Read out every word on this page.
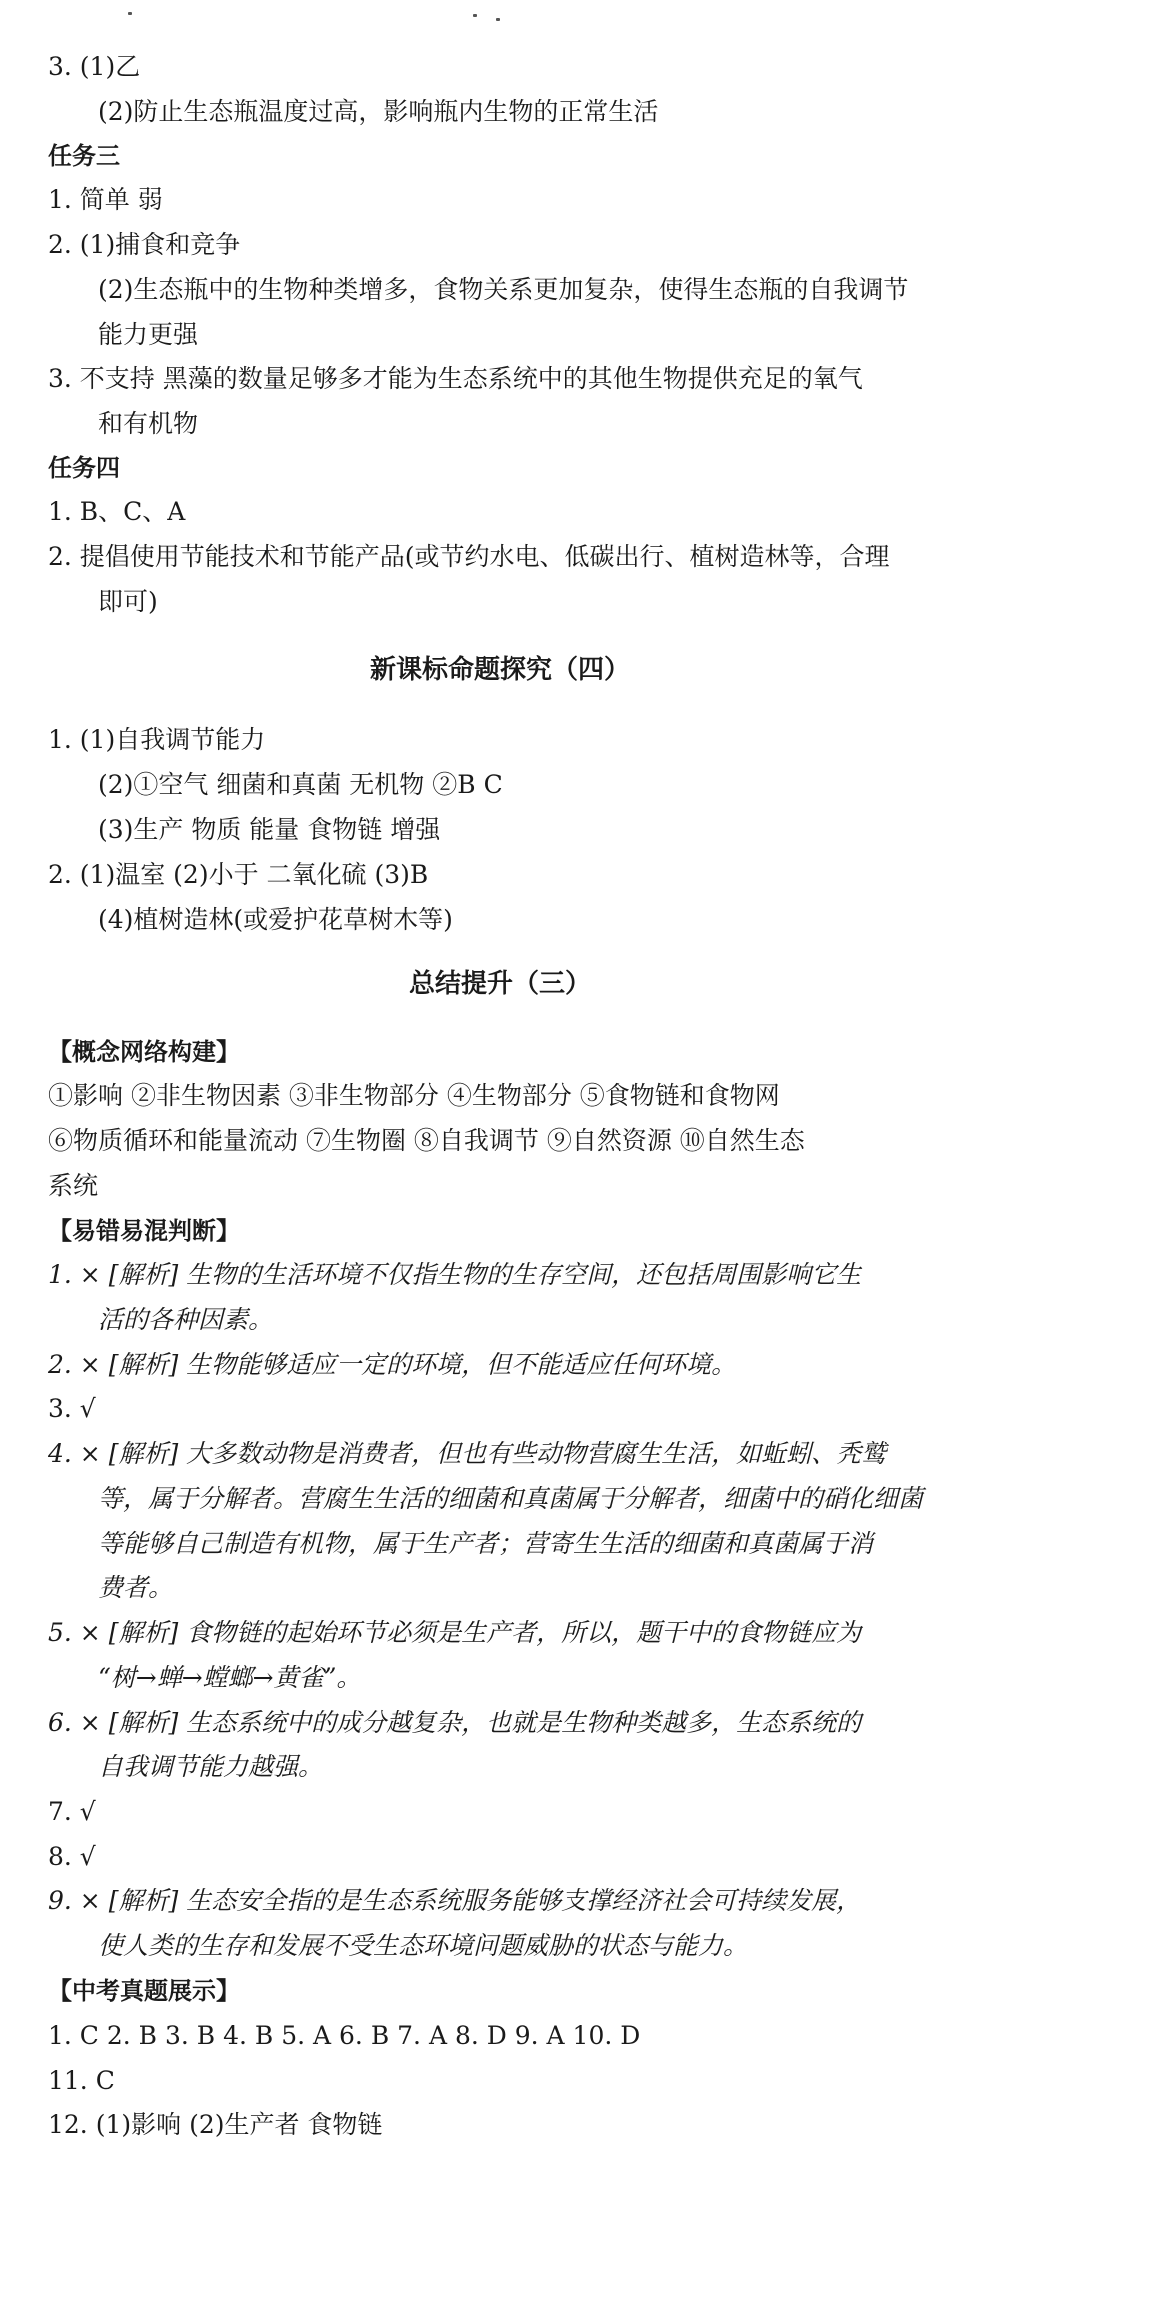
3. (1)乙
(2)防止生态瓶温度过高，影响瓶内生物的正常生活
任务三
1. 简单 弱
2. (1)捕食和竞争
(2)生态瓶中的生物种类增多，食物关系更加复杂，使得生态瓶的自我调节
能力更强
3. 不支持 黑藻的数量足够多才能为生态系统中的其他生物提供充足的氧气
和有机物
任务四
1. B、C、A
2. 提倡使用节能技术和节能产品(或节约水电、低碳出行、植树造林等，合理
即可)
新课标命题探究（四）
1. (1)自我调节能力
(2)①空气 细菌和真菌 无机物 ②B C
(3)生产 物质 能量 食物链 增强
2. (1)温室 (2)小于 二氧化硫 (3)B
(4)植树造林(或爱护花草树木等)
总结提升（三）
【概念网络构建】
①影响 ②非生物因素 ③非生物部分 ④生物部分 ⑤食物链和食物网
⑥物质循环和能量流动 ⑦生物圈 ⑧自我调节 ⑨自然资源 ⑩自然生态
系统
【易错易混判断】
1. × [解析] 生物的生活环境不仅指生物的生存空间，还包括周围影响它生
活的各种因素。
2. × [解析] 生物能够适应一定的环境，但不能适应任何环境。
3. √
4. × [解析] 大多数动物是消费者，但也有些动物营腐生生活，如蚯蚓、秃鹫
等，属于分解者。营腐生生活的细菌和真菌属于分解者，细菌中的硝化细菌
等能够自己制造有机物，属于生产者；营寄生生活的细菌和真菌属于消
费者。
5. × [解析] 食物链的起始环节必须是生产者，所以，题干中的食物链应为
“树→蝉→螳螂→黄雀”。
6. × [解析] 生态系统中的成分越复杂，也就是生物种类越多，生态系统的
自我调节能力越强。
7. √
8. √
9. × [解析] 生态安全指的是生态系统服务能够支撑经济社会可持续发展，
使人类的生存和发展不受生态环境问题威胁的状态与能力。
【中考真题展示】
1. C 2. B 3. B 4. B 5. A 6. B 7. A 8. D 9. A 10. D
11. C
12. (1)影响 (2)生产者 食物链
